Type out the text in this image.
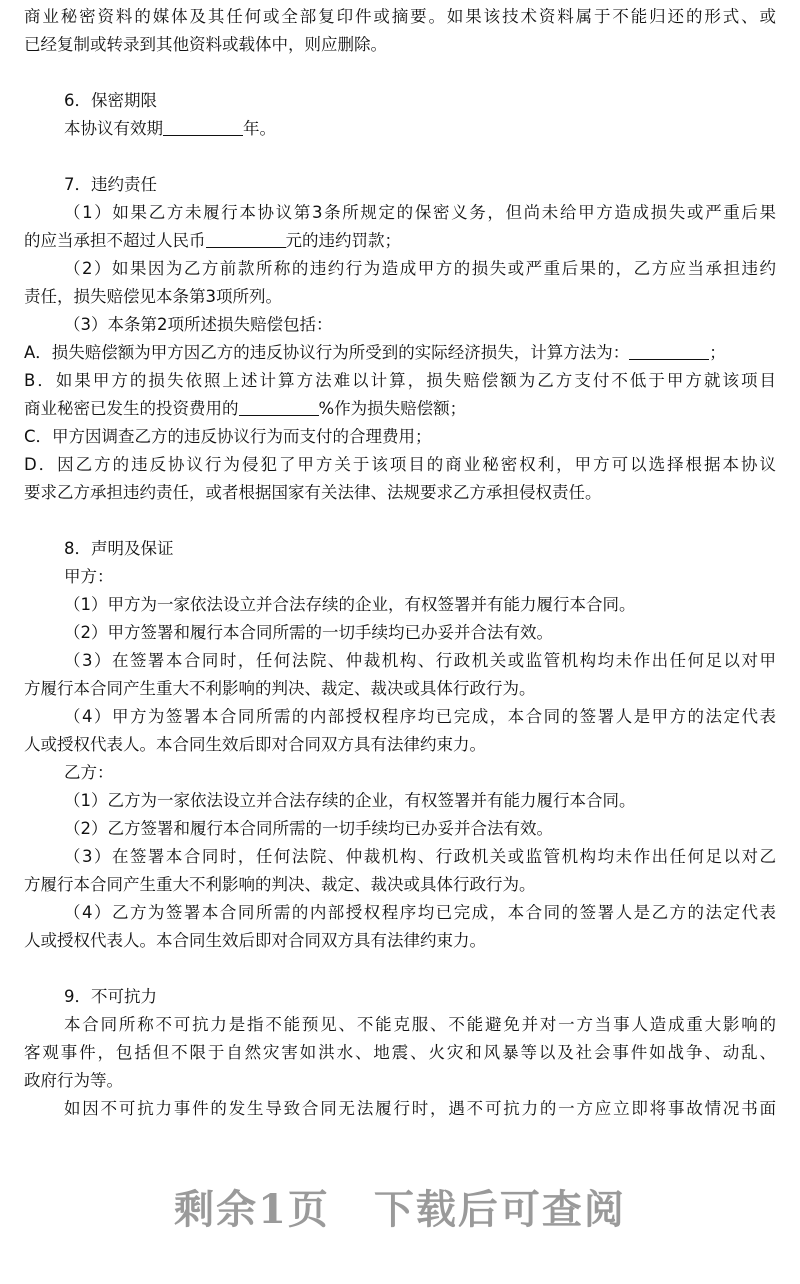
商业秘密资料的媒体及其任何或全部复印件或摘要。如果该技术资料属于不能归还的形式、或
已经复制或转录到其他资料或载体中，则应删除。
6．保密期限
本协议有效期	年。
7．违约责任
（1）如果乙方未履行本协议第3条所规定的保密义务，但尚未给甲方造成损失或严重后果
的应当承担不超过人民币	元的违约罚款；
（2）如果因为乙方前款所称的违约行为造成甲方的损失或严重后果的，乙方应当承担违约
责任，损失赔偿见本条第3项所列。
（3）本条第2项所述损失赔偿包括：
A．损失赔偿额为甲方因乙方的违反协议行为所受到的实际经济损失，计算方法为：	；
B．如果甲方的损失依照上述计算方法难以计算，损失赔偿额为乙方支付不低于甲方就该项目
商业秘密已发生的投资费用的	%作为损失赔偿额；
C．甲方因调查乙方的违反协议行为而支付的合理费用；
D．因乙方的违反协议行为侵犯了甲方关于该项目的商业秘密权利，甲方可以选择根据本协议
要求乙方承担违约责任，或者根据国家有关法律、法规要求乙方承担侵权责任。
8．声明及保证
甲方：
（1）甲方为一家依法设立并合法存续的企业，有权签署并有能力履行本合同。
（2）甲方签署和履行本合同所需的一切手续均已办妥并合法有效。
（3）在签署本合同时，任何法院、仲裁机构、行政机关或监管机构均未作出任何足以对甲
方履行本合同产生重大不利影响的判决、裁定、裁决或具体行政行为。
（4）甲方为签署本合同所需的内部授权程序均已完成，本合同的签署人是甲方的法定代表
人或授权代表人。本合同生效后即对合同双方具有法律约束力。
乙方：
（1）乙方为一家依法设立并合法存续的企业，有权签署并有能力履行本合同。
（2）乙方签署和履行本合同所需的一切手续均已办妥并合法有效。
（3）在签署本合同时，任何法院、仲裁机构、行政机关或监管机构均未作出任何足以对乙
方履行本合同产生重大不利影响的判决、裁定、裁决或具体行政行为。
（4）乙方为签署本合同所需的内部授权程序均已完成，本合同的签署人是乙方的法定代表
人或授权代表人。本合同生效后即对合同双方具有法律约束力。
9．不可抗力
本合同所称不可抗力是指不能预见、不能克服、不能避免并对一方当事人造成重大影响的
客观事件，包括但不限于自然灾害如洪水、地震、火灾和风暴等以及社会事件如战争、动乱、
政府行为等。
如因不可抗力事件的发生导致合同无法履行时，遇不可抗力的一方应立即将事故情况书面

剩余1页 下载后可查阅
